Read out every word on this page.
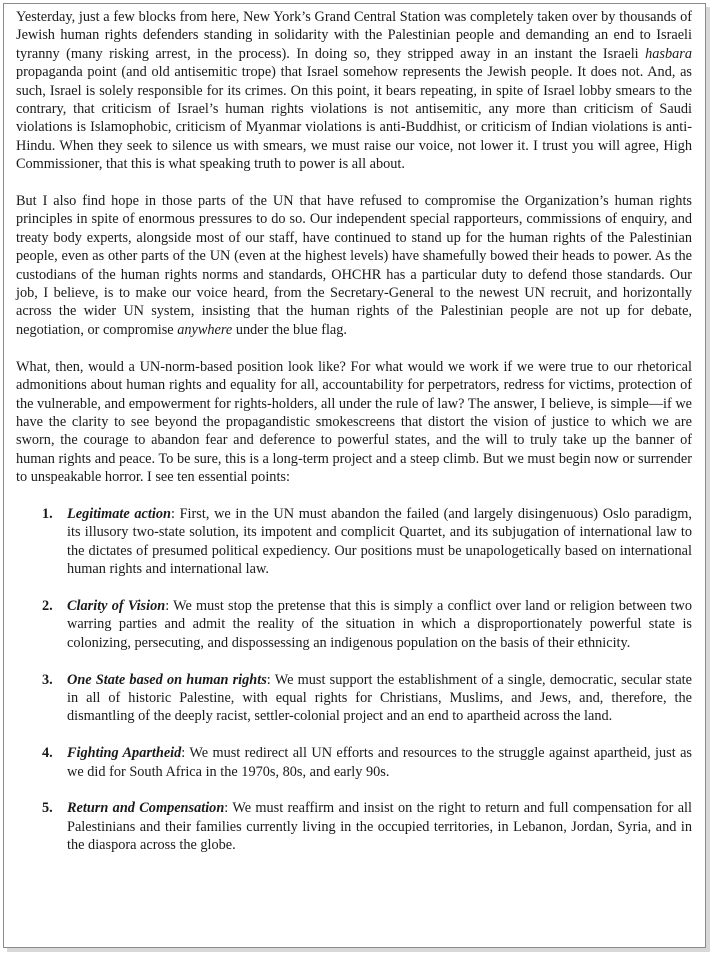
Yesterday, just a few blocks from here, New York’s Grand Central Station was completely taken over by thousands of Jewish human rights defenders standing in solidarity with the Palestinian people and demanding an end to Israeli tyranny (many risking arrest, in the process). In doing so, they stripped away in an instant the Israeli hasbara propaganda point (and old antisemitic trope) that Israel somehow represents the Jewish people. It does not. And, as such, Israel is solely responsible for its crimes. On this point, it bears repeating, in spite of Israel lobby smears to the contrary, that criticism of Israel’s human rights violations is not antisemitic, any more than criticism of Saudi violations is Islamophobic, criticism of Myanmar violations is anti-Buddhist, or criticism of Indian violations is anti-Hindu. When they seek to silence us with smears, we must raise our voice, not lower it. I trust you will agree, High Commissioner, that this is what speaking truth to power is all about.

But I also find hope in those parts of the UN that have refused to compromise the Organization’s human rights principles in spite of enormous pressures to do so. Our independent special rapporteurs, commissions of enquiry, and treaty body experts, alongside most of our staff, have continued to stand up for the human rights of the Palestinian people, even as other parts of the UN (even at the highest levels) have shamefully bowed their heads to power. As the custodians of the human rights norms and standards, OHCHR has a particular duty to defend those standards. Our job, I believe, is to make our voice heard, from the Secretary-General to the newest UN recruit, and horizontally across the wider UN system, insisting that the human rights of the Palestinian people are not up for debate, negotiation, or compromise anywhere under the blue flag.

What, then, would a UN-norm-based position look like? For what would we work if we were true to our rhetorical admonitions about human rights and equality for all, accountability for perpetrators, redress for victims, protection of the vulnerable, and empowerment for rights-holders, all under the rule of law? The answer, I believe, is simple—if we have the clarity to see beyond the propagandistic smokescreens that distort the vision of justice to which we are sworn, the courage to abandon fear and deference to powerful states, and the will to truly take up the banner of human rights and peace. To be sure, this is a long-term project and a steep climb. But we must begin now or surrender to unspeakable horror. I see ten essential points:

1. Legitimate action: First, we in the UN must abandon the failed (and largely disingenuous) Oslo paradigm, its illusory two-state solution, its impotent and complicit Quartet, and its subjugation of international law to the dictates of presumed political expediency. Our positions must be unapologetically based on international human rights and international law.
2. Clarity of Vision: We must stop the pretense that this is simply a conflict over land or religion between two warring parties and admit the reality of the situation in which a disproportionately powerful state is colonizing, persecuting, and dispossessing an indigenous population on the basis of their ethnicity.
3. One State based on human rights: We must support the establishment of a single, democratic, secular state in all of historic Palestine, with equal rights for Christians, Muslims, and Jews, and, therefore, the dismantling of the deeply racist, settler-colonial project and an end to apartheid across the land.
4. Fighting Apartheid: We must redirect all UN efforts and resources to the struggle against apartheid, just as we did for South Africa in the 1970s, 80s, and early 90s.
5. Return and Compensation: We must reaffirm and insist on the right to return and full compensation for all Palestinians and their families currently living in the occupied territories, in Lebanon, Jordan, Syria, and in the diaspora across the globe.
